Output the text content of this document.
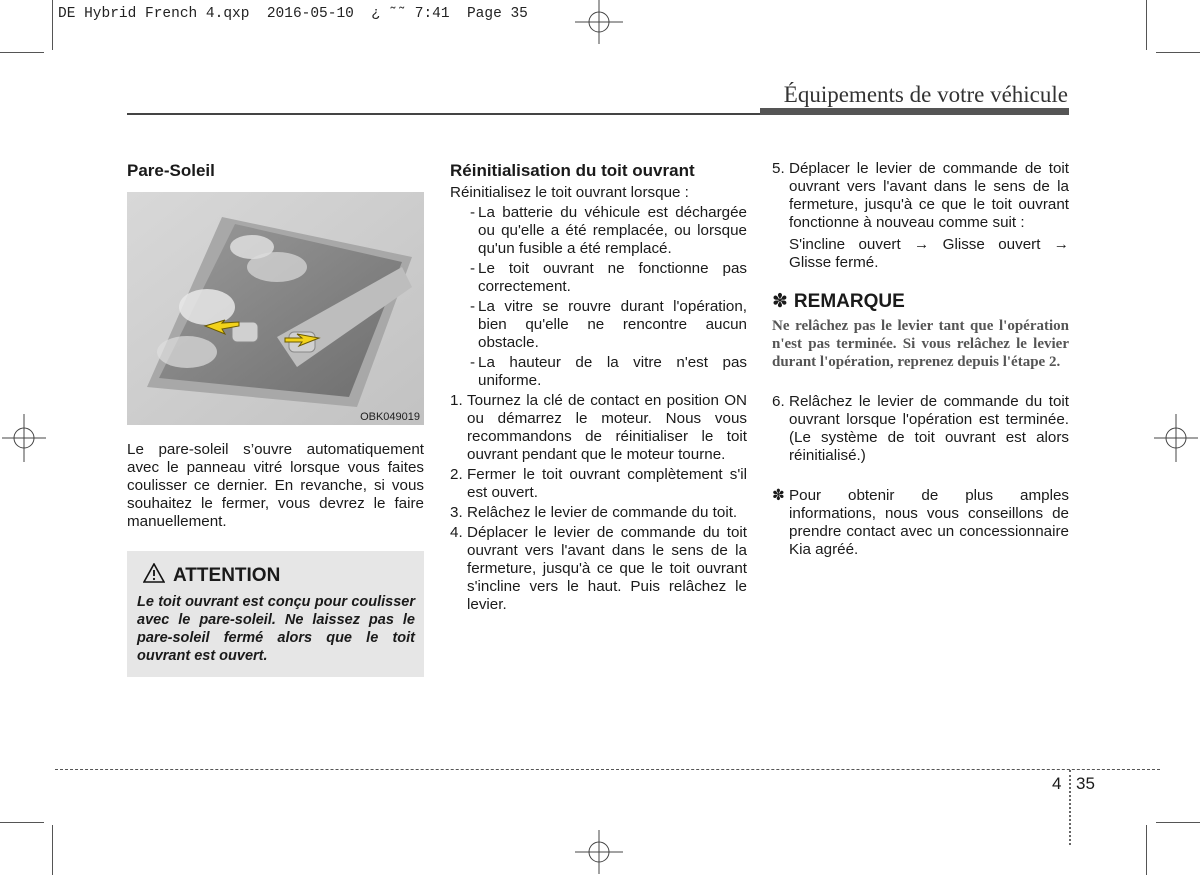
DE Hybrid French 4.qxp  2016-05-10  ¿ ˜˜ 7:41  Page 35
Équipements de votre véhicule
Pare-Soleil
OBK049019

Le pare-soleil s’ouvre automatiquement avec le panneau vitré lorsque vous faites coulisser ce dernier. En revanche, si vous souhaitez le fermer, vous devrez le faire manuellement.

ATTENTION
Le toit ouvrant est conçu pour coulisser avec le pare-soleil. Ne laissez pas le pare-soleil fermé alors que le toit ouvrant est ouvert.
Réinitialisation du toit ouvrant

Réinitialisez le toit ouvrant lorsque :

- La batterie du véhicule est déchargée ou qu'elle a été remplacée, ou lorsque qu'un fusible a été remplacé.
- Le toit ouvrant ne fonctionne pas correctement.
- La vitre se rouvre durant l'opération, bien qu'elle ne rencontre aucun obstacle.
- La hauteur de la vitre n'est pas uniforme.
1. Tournez la clé de contact en position ON ou démarrez le moteur. Nous vous recommandons de réinitialiser le toit ouvrant pendant que le moteur tourne.
2. Fermer le toit ouvrant complètement s'il est ouvert.
3. Relâchez le levier de commande du toit.
4. Déplacer le levier de commande du toit ouvrant vers l'avant dans le sens de la fermeture, jusqu'à ce que le toit ouvrant s'incline vers le haut. Puis relâchez le levier.
5. Déplacer le levier de commande de toit ouvrant vers l'avant dans le sens de la fermeture, jusqu'à ce que le toit ouvrant fonctionne à nouveau comme suit :

S'incline ouvert → Glisse ouvert → Glisse fermé.

✽ REMARQUE
Ne relâchez pas le levier tant que l'opération n'est pas terminée. Si vous relâchez le levier durant l'opération, reprenez depuis l'étape 2.
6. Relâchez le levier de commande du toit ouvrant lorsque l'opération est terminée. (Le système de toit ouvrant est alors réinitialisé.)
✽ Pour obtenir de plus amples informations, nous vous conseillons de prendre contact avec un concessionnaire Kia agréé.
4 35
